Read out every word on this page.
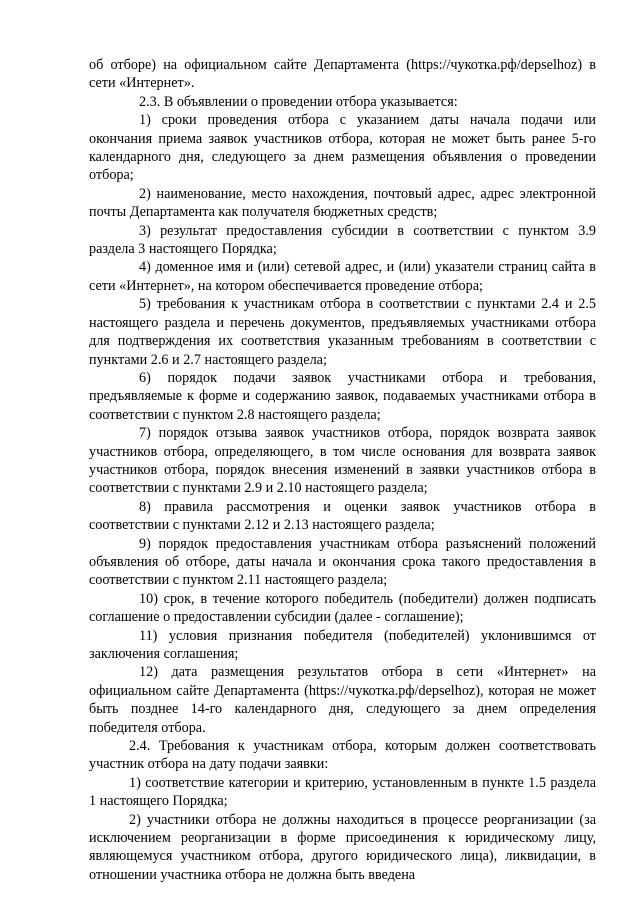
об отборе) на официальном сайте Департамента (https://чукотка.рф/depselhoz) в сети «Интернет».

2.3. В объявлении о проведении отбора указывается:

1) сроки проведения отбора с указанием даты начала подачи или окончания приема заявок участников отбора, которая не может быть ранее 5-го календарного дня, следующего за днем размещения объявления о проведении отбора;

2) наименование, место нахождения, почтовый адрес, адрес электронной почты Департамента как получателя бюджетных средств;

3) результат предоставления субсидии в соответствии с пунктом 3.9 раздела 3 настоящего Порядка;

4) доменное имя и (или) сетевой адрес, и (или) указатели страниц сайта в сети «Интернет», на котором обеспечивается проведение отбора;

5) требования к участникам отбора в соответствии с пунктами 2.4 и 2.5 настоящего раздела и перечень документов, предъявляемых участниками отбора для подтверждения их соответствия указанным требованиям в соответствии с пунктами 2.6 и 2.7 настоящего раздела;

6) порядок подачи заявок участниками отбора и требования, предъявляемые к форме и содержанию заявок, подаваемых участниками отбора в соответствии с пунктом 2.8 настоящего раздела;

7) порядок отзыва заявок участников отбора, порядок возврата заявок участников отбора, определяющего, в том числе основания для возврата заявок участников отбора, порядок внесения изменений в заявки участников отбора в соответствии с пунктами 2.9 и 2.10 настоящего раздела;

8) правила рассмотрения и оценки заявок участников отбора в соответствии с пунктами 2.12 и 2.13 настоящего раздела;

9) порядок предоставления участникам отбора разъяснений положений объявления об отборе, даты начала и окончания срока такого предоставления в соответствии с пунктом 2.11 настоящего раздела;

10) срок, в течение которого победитель (победители) должен подписать соглашение о предоставлении субсидии (далее - соглашение);

11) условия признания победителя (победителей) уклонившимся от заключения соглашения;

12) дата размещения результатов отбора в сети «Интернет» на официальном сайте Департамента (https://чукотка.рф/depselhoz), которая не может быть позднее 14-го календарного дня, следующего за днем определения победителя отбора.

2.4. Требования к участникам отбора, которым должен соответствовать участник отбора на дату подачи заявки:

1) соответствие категории и критерию, установленным в пункте 1.5 раздела 1 настоящего Порядка;

2) участники отбора не должны находиться в процессе реорганизации (за исключением реорганизации в форме присоединения к юридическому лицу, являющемуся участником отбора, другого юридического лица), ликвидации, в отношении участника отбора не должна быть введена
